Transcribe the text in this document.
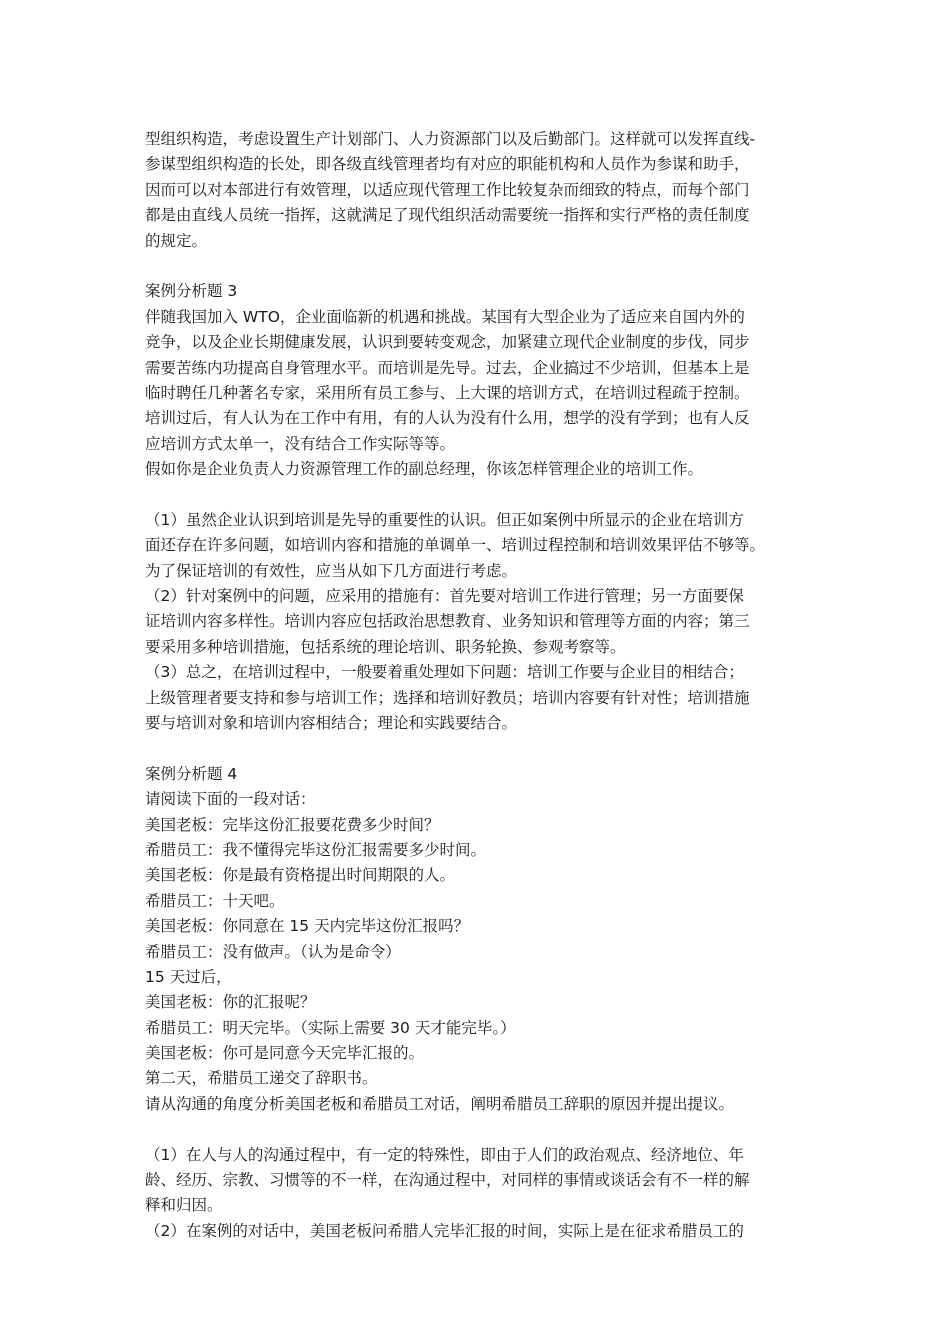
型组织构造，考虑设置生产计划部门、人力资源部门以及后勤部门。这样就可以发挥直线-
参谋型组织构造的长处，即各级直线管理者均有对应的职能机构和人员作为参谋和助手，
因而可以对本部进行有效管理，以适应现代管理工作比较复杂而细致的特点，而每个部门
都是由直线人员统一指挥，这就满足了现代组织活动需要统一指挥和实行严格的责任制度
的规定。
案例分析题 3
伴随我国加入 WTO，企业面临新的机遇和挑战。某国有大型企业为了适应来自国内外的
竞争，以及企业长期健康发展，认识到要转变观念，加紧建立现代企业制度的步伐，同步
需要苦练内功提高自身管理水平。而培训是先导。过去，企业搞过不少培训，但基本上是
临时聘任几种著名专家，采用所有员工参与、上大课的培训方式，在培训过程疏于控制。
培训过后，有人认为在工作中有用，有的人认为没有什么用，想学的没有学到；也有人反
应培训方式太单一，没有结合工作实际等等。
假如你是企业负责人力资源管理工作的副总经理，你该怎样管理企业的培训工作。
（1）虽然企业认识到培训是先导的重要性的认识。但正如案例中所显示的企业在培训方
面还存在许多问题，如培训内容和措施的单调单一、培训过程控制和培训效果评估不够等。
为了保证培训的有效性，应当从如下几方面进行考虑。
（2）针对案例中的问题，应采用的措施有：首先要对培训工作进行管理；另一方面要保
证培训内容多样性。培训内容应包括政治思想教育、业务知识和管理等方面的内容；第三
要采用多种培训措施，包括系统的理论培训、职务轮换、参观考察等。
（3）总之，在培训过程中，一般要着重处理如下问题：培训工作要与企业目的相结合；
上级管理者要支持和参与培训工作；选择和培训好教员；培训内容要有针对性；培训措施
要与培训对象和培训内容相结合；理论和实践要结合。
案例分析题 4
请阅读下面的一段对话：
美国老板：完毕这份汇报要花费多少时间？
希腊员工：我不懂得完毕这份汇报需要多少时间。
美国老板：你是最有资格提出时间期限的人。
希腊员工：十天吧。
美国老板：你同意在 15 天内完毕这份汇报吗？
希腊员工：没有做声。（认为是命令）
15 天过后，
美国老板：你的汇报呢？
希腊员工：明天完毕。（实际上需要 30 天才能完毕。）
美国老板：你可是同意今天完毕汇报的。
第二天，希腊员工递交了辞职书。
请从沟通的角度分析美国老板和希腊员工对话，阐明希腊员工辞职的原因并提出提议。
（1）在人与人的沟通过程中，有一定的特殊性，即由于人们的政治观点、经济地位、年
龄、经历、宗教、习惯等的不一样，在沟通过程中，对同样的事情或谈话会有不一样的解
释和归因。
（2）在案例的对话中，美国老板问希腊人完毕汇报的时间，实际上是在征求希腊员工的
